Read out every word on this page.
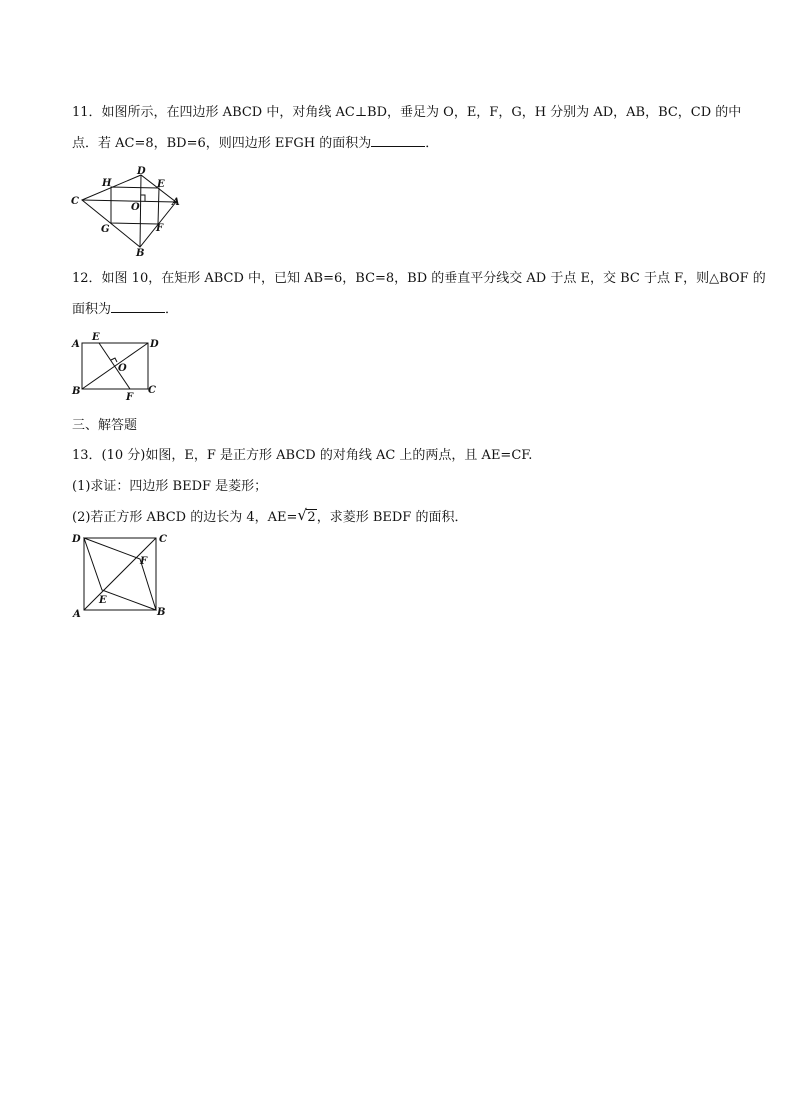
11．如图所示，在四边形 ABCD 中，对角线 AC⊥BD，垂足为 O，E，F，G，H 分别为 AD，AB，BC，CD 的中
点．若 AC=8，BD=6，则四边形 EFGH 的面积为	．
D
H	E
C
O	A
G	F
B
12．如图 10，在矩形 ABCD 中，已知 AB=6，BC=8，BD 的垂直平分线交 AD 于点 E，交 BC 于点 F，则△BOF 的
面积为	．
A
E
D
O
B
F
C
三、解答题
13．(10 分)如图，E，F 是正方形 ABCD 的对角线 AC 上的两点，且 AE=CF.
(1)求证：四边形 BEDF 是菱形；
(2)若正方形 ABCD 的边长为 4，AE= √ 2，求菱形 BEDF 的面积．
D	C
F
E
A	B
